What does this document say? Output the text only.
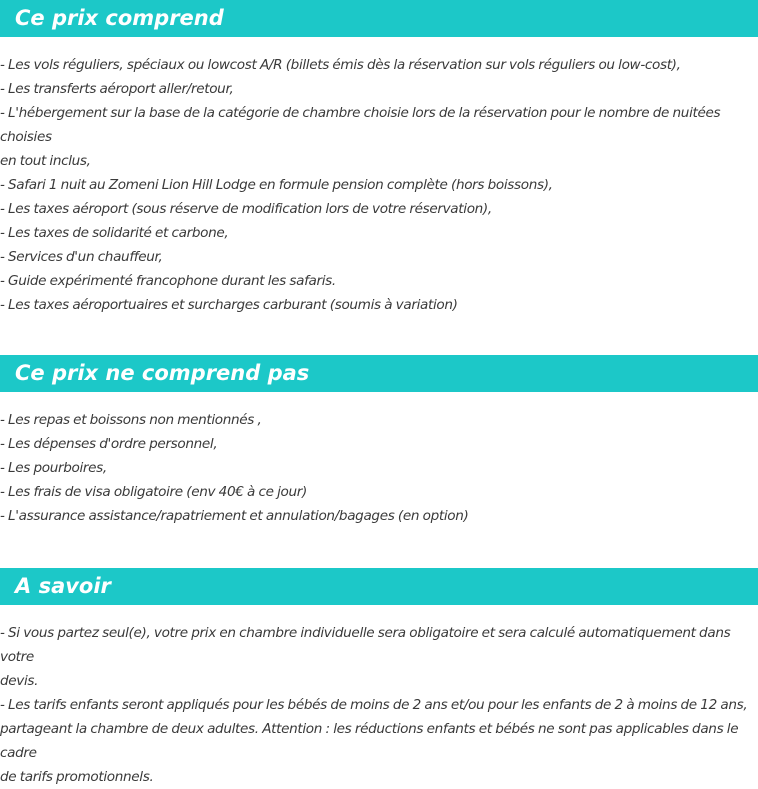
Ce prix comprend
- Les vols réguliers, spéciaux ou lowcost A/R (billets émis dès la réservation sur vols réguliers ou low-cost),
- Les transferts aéroport aller/retour,
- L'hébergement sur la base de la catégorie de chambre choisie lors de la réservation pour le nombre de nuitées choisies
en tout inclus,
- Safari 1 nuit au Zomeni Lion Hill Lodge en formule pension complète (hors boissons),
- Les taxes aéroport (sous réserve de modification lors de votre réservation),
- Les taxes de solidarité et carbone,
- Services d'un chauffeur,
- Guide expérimenté francophone durant les safaris.
- Les taxes aéroportuaires et surcharges carburant (soumis à variation)
Ce prix ne comprend pas
- Les repas et boissons non mentionnés ,
- Les dépenses d'ordre personnel,
- Les pourboires,
- Les frais de visa obligatoire (env 40€ à ce jour)
- L'assurance assistance/rapatriement et annulation/bagages (en option)
A savoir
- Si vous partez seul(e), votre prix en chambre individuelle sera obligatoire et sera calculé automatiquement dans votre
devis.
- Les tarifs enfants seront appliqués pour les bébés de moins de 2 ans et/ou pour les enfants de 2 à moins de 12 ans,
partageant la chambre de deux adultes. Attention : les réductions enfants et bébés ne sont pas applicables dans le cadre
de tarifs promotionnels.
